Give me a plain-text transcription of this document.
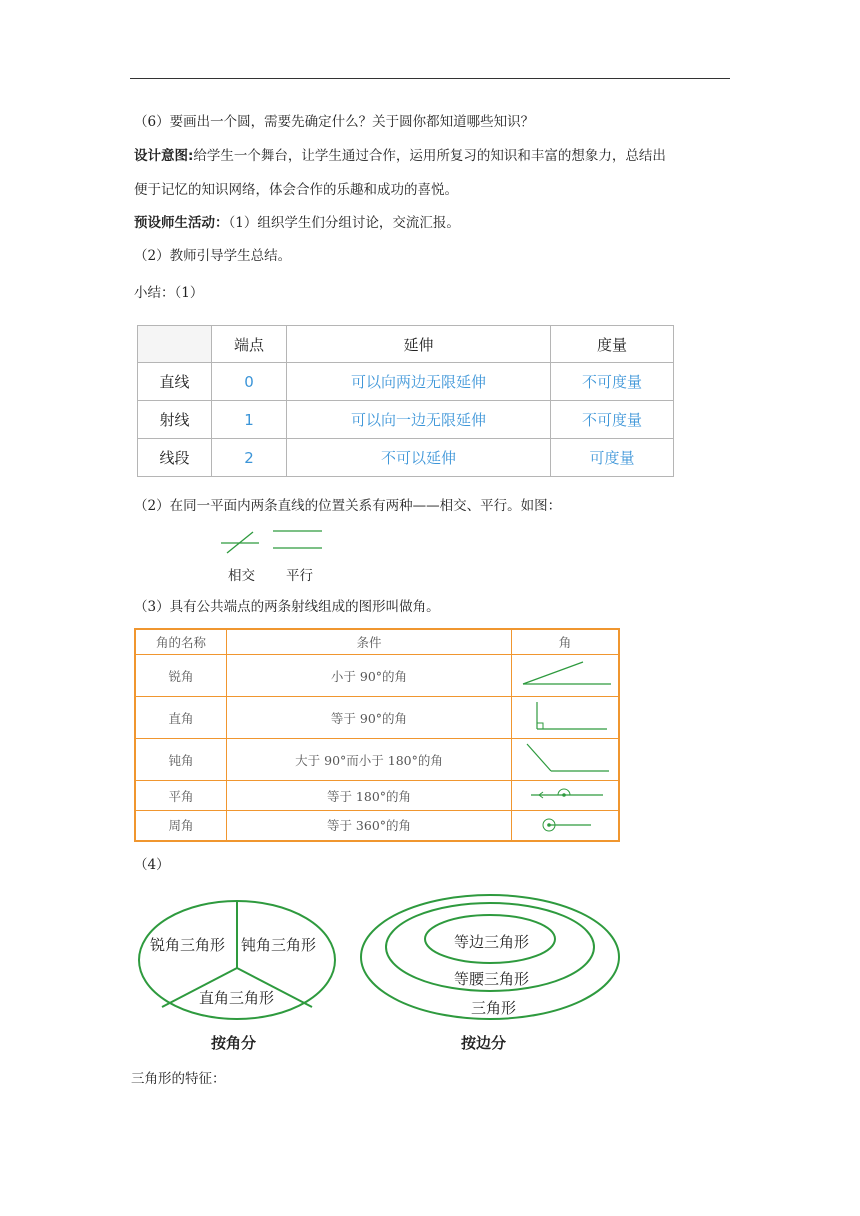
（6）要画出一个圆，需要先确定什么？关于圆你都知道哪些知识？
设计意图:给学生一个舞台，让学生通过合作，运用所复习的知识和丰富的想象力，总结出
便于记忆的知识网络，体会合作的乐趣和成功的喜悦。
预设师生活动：（1）组织学生们分组讨论，交流汇报。
（2）教师引导学生总结。
小结：（1）
	端点	延伸	度量
直线	0	可以向两边无限延伸	不可度量
射线	1	可以向一边无限延伸	不可度量
线段	2	不可以延伸	可度量
（2）在同一平面内两条直线的位置关系有两种——相交、平行。如图：
相交 平行
（3）具有公共端点的两条射线组成的图形叫做角。
角的名称	条件	角
锐角	小于 90°的角	
直角	等于 90°的角	
钝角	大于 90°而小于 180°的角	
平角	等于 180°的角	
周角	等于 360°的角	
（4）
锐角三角形 钝角三角形
直角三角形
按角分
等边三角形
等腰三角形
三角形
按边分
三角形的特征：
